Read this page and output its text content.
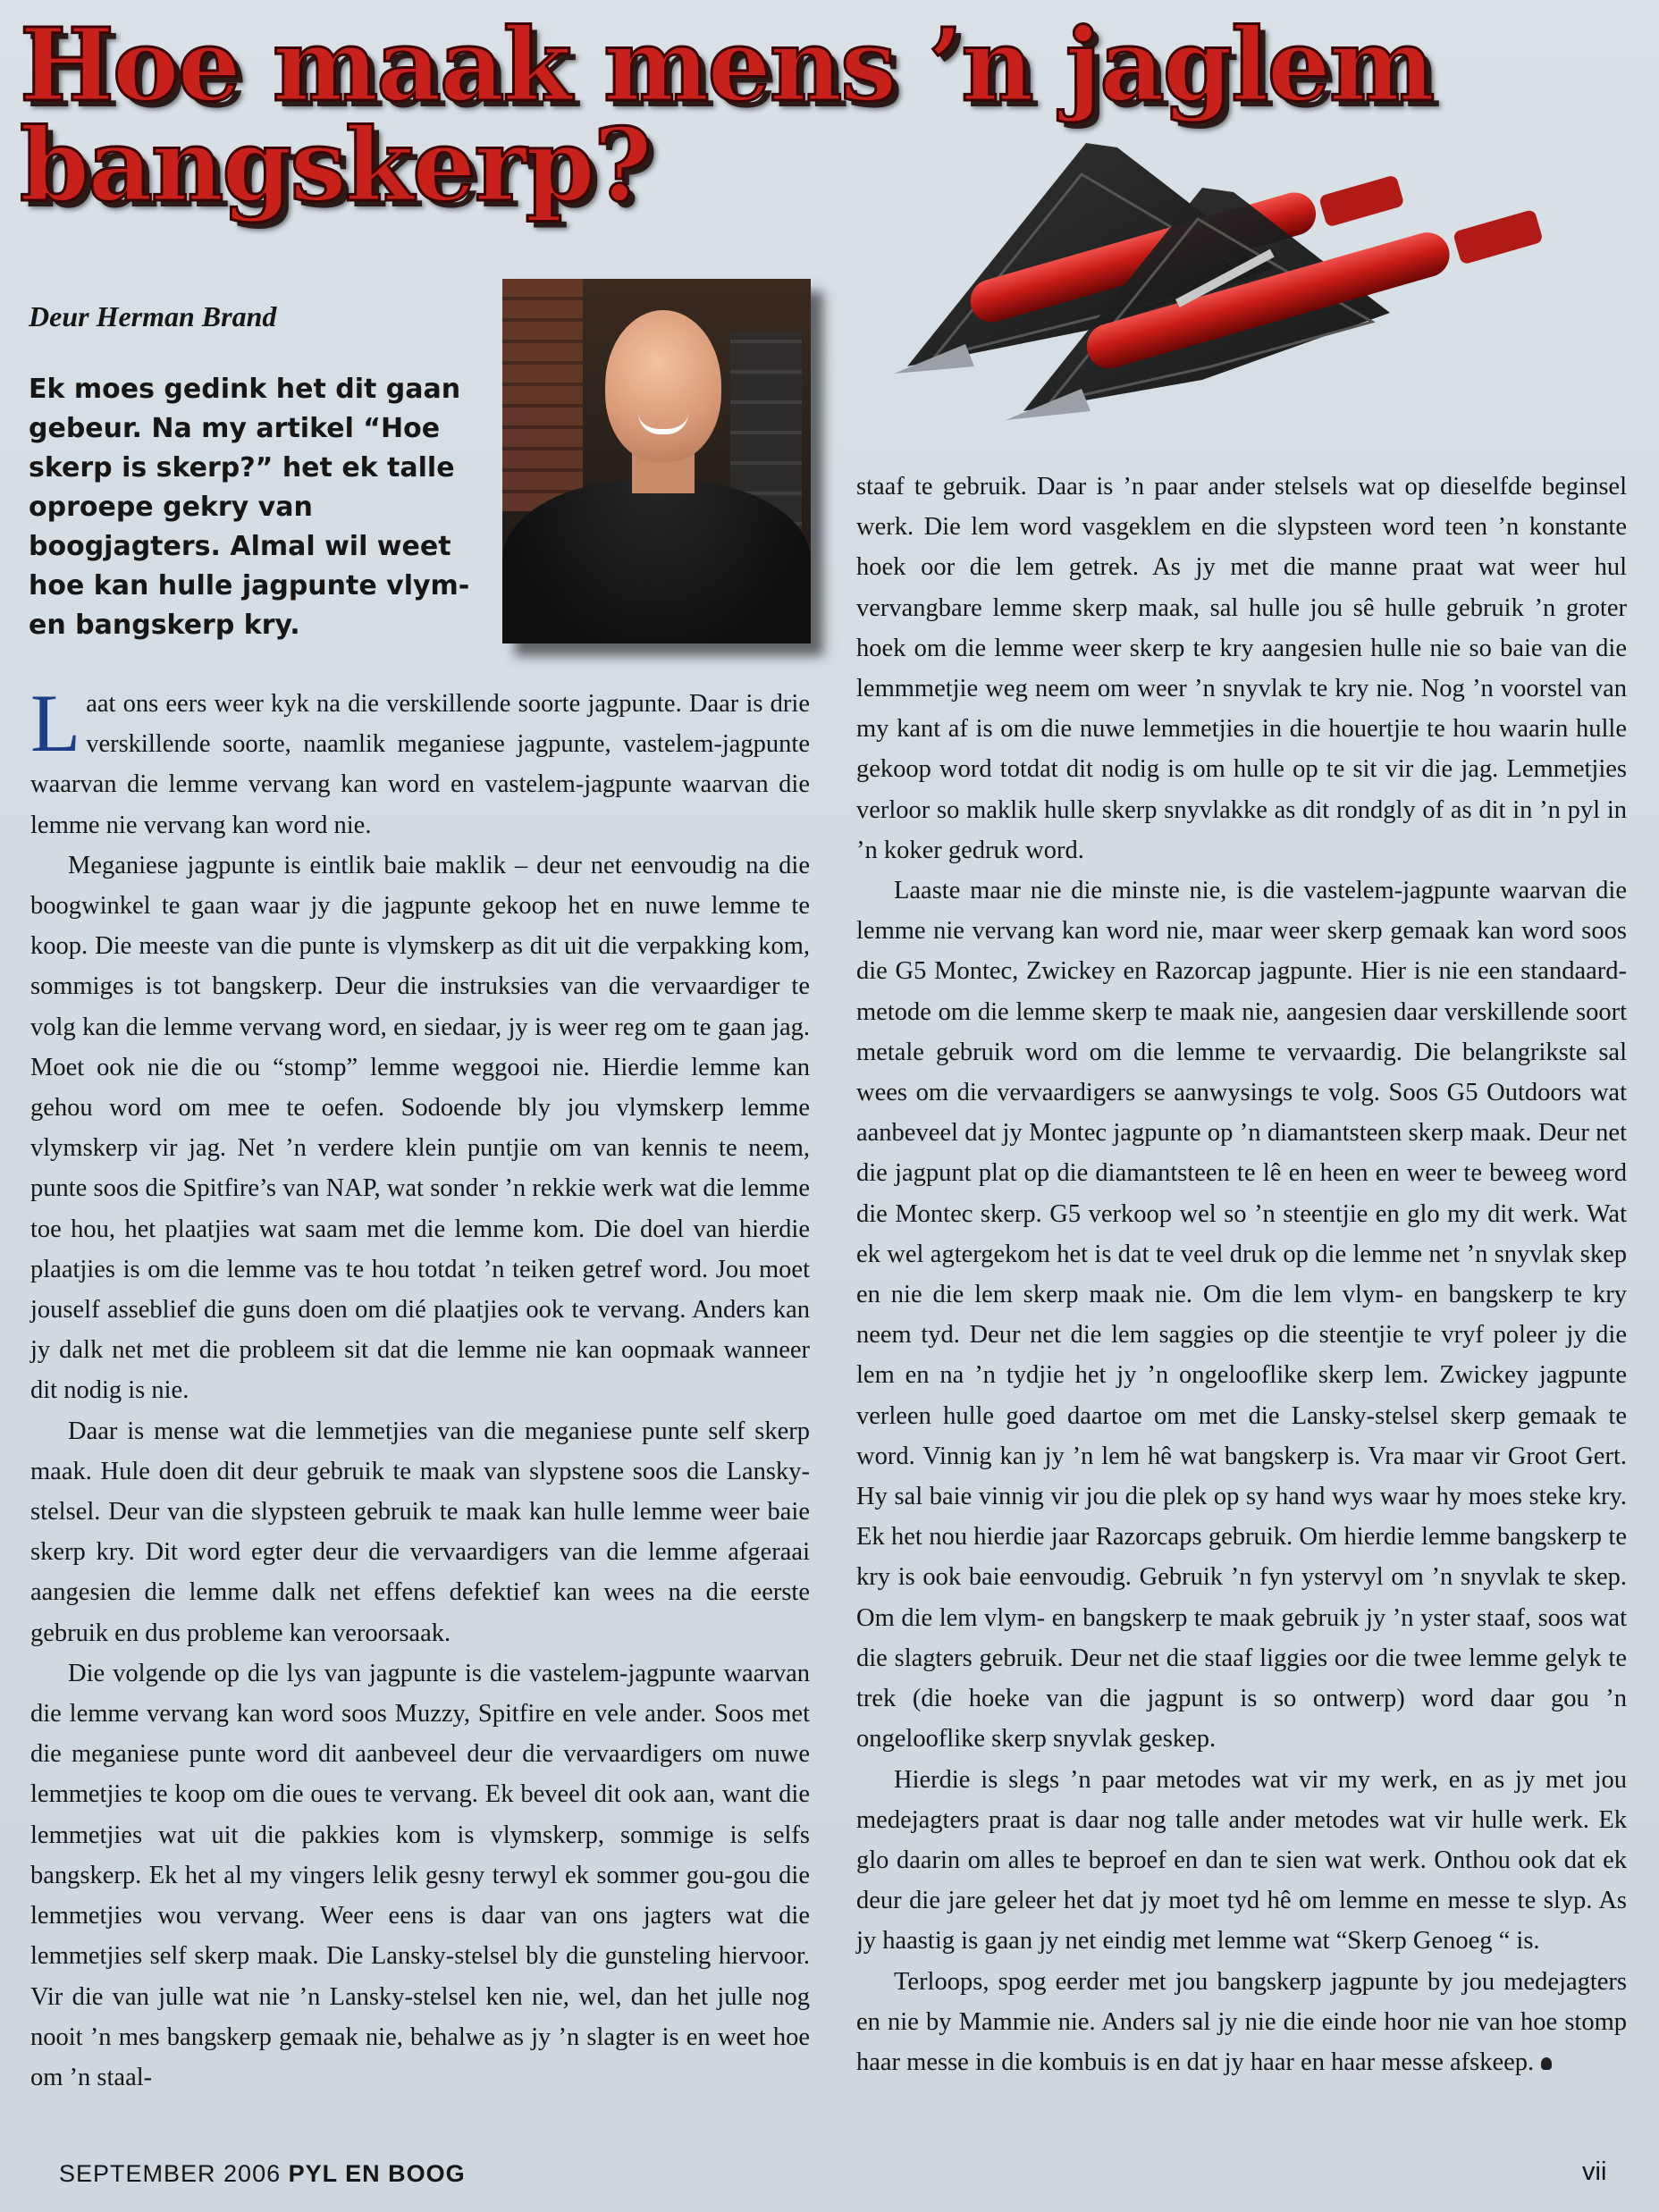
Hoe maak mens ’n jaglem
bangskerp?

Deur Herman Brand

Ek moes gedink het dit gaan gebeur. Na my artikel “Hoe skerp is skerp?” het ek talle oproepe gekry van boogjagters. Almal wil weet hoe kan hulle jagpunte vlym- en bangskerp kry.

Laat ons eers weer kyk na die verskillende soorte jagpunte. Daar is drie verskillende soorte, naamlik meganiese jagpunte, vastelem-jagpunte waarvan die lemme vervang kan word en vastelem-jagpunte waarvan die lemme nie vervang kan word nie.

Meganiese jagpunte is eintlik baie maklik – deur net eenvoudig na die boogwinkel te gaan waar jy die jagpunte gekoop het en nuwe lemme te koop. Die meeste van die punte is vlymskerp as dit uit die verpakking kom, sommiges is tot bangskerp. Deur die instruksies van die vervaardiger te volg kan die lemme vervang word, en siedaar, jy is weer reg om te gaan jag. Moet ook nie die ou “stomp” lemme weggooi nie. Hierdie lemme kan gehou word om mee te oefen. Sodoende bly jou vlymskerp lemme vlymskerp vir jag. Net ’n verdere klein puntjie om van kennis te neem, punte soos die Spitfire’s van NAP, wat sonder ’n rekkie werk wat die lemme toe hou, het plaatjies wat saam met die lemme kom. Die doel van hierdie plaatjies is om die lemme vas te hou totdat ’n teiken getref word. Jou moet jouself asseblief die guns doen om dié plaatjies ook te vervang. Anders kan jy dalk net met die probleem sit dat die lemme nie kan oopmaak wanneer dit nodig is nie.

Daar is mense wat die lemmetjies van die meganiese punte self skerp maak. Hule doen dit deur gebruik te maak van slypstene soos die Lansky-stelsel. Deur van die slypsteen gebruik te maak kan hulle lemme weer baie skerp kry. Dit word egter deur die vervaardigers van die lemme afgeraai aangesien die lemme dalk net effens defektief kan wees na die eerste gebruik en dus probleme kan veroorsaak.

Die volgende op die lys van jagpunte is die vastelem-jagpunte waarvan die lemme vervang kan word soos Muzzy, Spitfire en vele ander. Soos met die meganiese punte word dit aanbeveel deur die vervaardigers om nuwe lemmetjies te koop om die oues te vervang. Ek beveel dit ook aan, want die lemmetjies wat uit die pakkies kom is vlymskerp, sommige is selfs bangskerp. Ek het al my vingers lelik gesny terwyl ek sommer gou-gou die lemmetjies wou vervang. Weer eens is daar van ons jagters wat die lemmetjies self skerp maak. Die Lansky-stelsel bly die gunsteling hiervoor. Vir die van julle wat nie ’n Lansky-stelsel ken nie, wel, dan het julle nog nooit ’n mes bangskerp gemaak nie, behalwe as jy ’n slagter is en weet hoe om ’n staal-

staaf te gebruik. Daar is ’n paar ander stelsels wat op dieselfde beginsel werk. Die lem word vasgeklem en die slypsteen word teen ’n konstante hoek oor die lem getrek. As jy met die manne praat wat weer hul vervangbare lemme skerp maak, sal hulle jou sê hulle gebruik ’n groter hoek om die lemme weer skerp te kry aangesien hulle nie so baie van die lemmmetjie weg neem om weer ’n snyvlak te kry nie. Nog ’n voorstel van my kant af is om die nuwe lemmetjies in die houertjie te hou waarin hulle gekoop word totdat dit nodig is om hulle op te sit vir die jag. Lemmetjies verloor so maklik hulle skerp snyvlakke as dit rondgly of as dit in ’n pyl in ’n koker gedruk word.

Laaste maar nie die minste nie, is die vastelem-jagpunte waarvan die lemme nie vervang kan word nie, maar weer skerp gemaak kan word soos die G5 Montec, Zwickey en Razorcap jagpunte. Hier is nie een standaard-metode om die lemme skerp te maak nie, aangesien daar verskillende soort metale gebruik word om die lemme te vervaardig. Die belangrikste sal wees om die vervaardigers se aanwysings te volg. Soos G5 Outdoors wat aanbeveel dat jy Montec jagpunte op ’n diamantsteen skerp maak. Deur net die jagpunt plat op die diamantsteen te lê en heen en weer te beweeg word die Montec skerp. G5 verkoop wel so ’n steentjie en glo my dit werk. Wat ek wel agtergekom het is dat te veel druk op die lemme net ’n snyvlak skep en nie die lem skerp maak nie. Om die lem vlym- en bangskerp te kry neem tyd. Deur net die lem saggies op die steentjie te vryf poleer jy die lem en na ’n tydjie het jy ’n ongelooflike skerp lem. Zwickey jagpunte verleen hulle goed daartoe om met die Lansky-stelsel skerp gemaak te word. Vinnig kan jy ’n lem hê wat bangskerp is. Vra maar vir Groot Gert. Hy sal baie vinnig vir jou die plek op sy hand wys waar hy moes steke kry. Ek het nou hierdie jaar Razorcaps gebruik. Om hierdie lemme bangskerp te kry is ook baie eenvoudig. Gebruik ’n fyn ystervyl om ’n snyvlak te skep. Om die lem vlym- en bangskerp te maak gebruik jy ’n yster staaf, soos wat die slagters gebruik. Deur net die staaf liggies oor die twee lemme gelyk te trek (die hoeke van die jagpunt is so ontwerp) word daar gou ’n ongelooflike skerp snyvlak geskep.

Hierdie is slegs ’n paar metodes wat vir my werk, en as jy met jou medejagters praat is daar nog talle ander metodes wat vir hulle werk. Ek glo daarin om alles te beproef en dan te sien wat werk. Onthou ook dat ek deur die jare geleer het dat jy moet tyd hê om lemme en messe te slyp. As jy haastig is gaan jy net eindig met lemme wat “Skerp Genoeg “ is.

Terloops, spog eerder met jou bangskerp jagpunte by jou medejagters en nie by Mammie nie. Anders sal jy nie die einde hoor nie van hoe stomp haar messe in die kombuis is en dat jy haar en haar messe afskeep.

SEPTEMBER 2006 PYL EN BOOG	vii
